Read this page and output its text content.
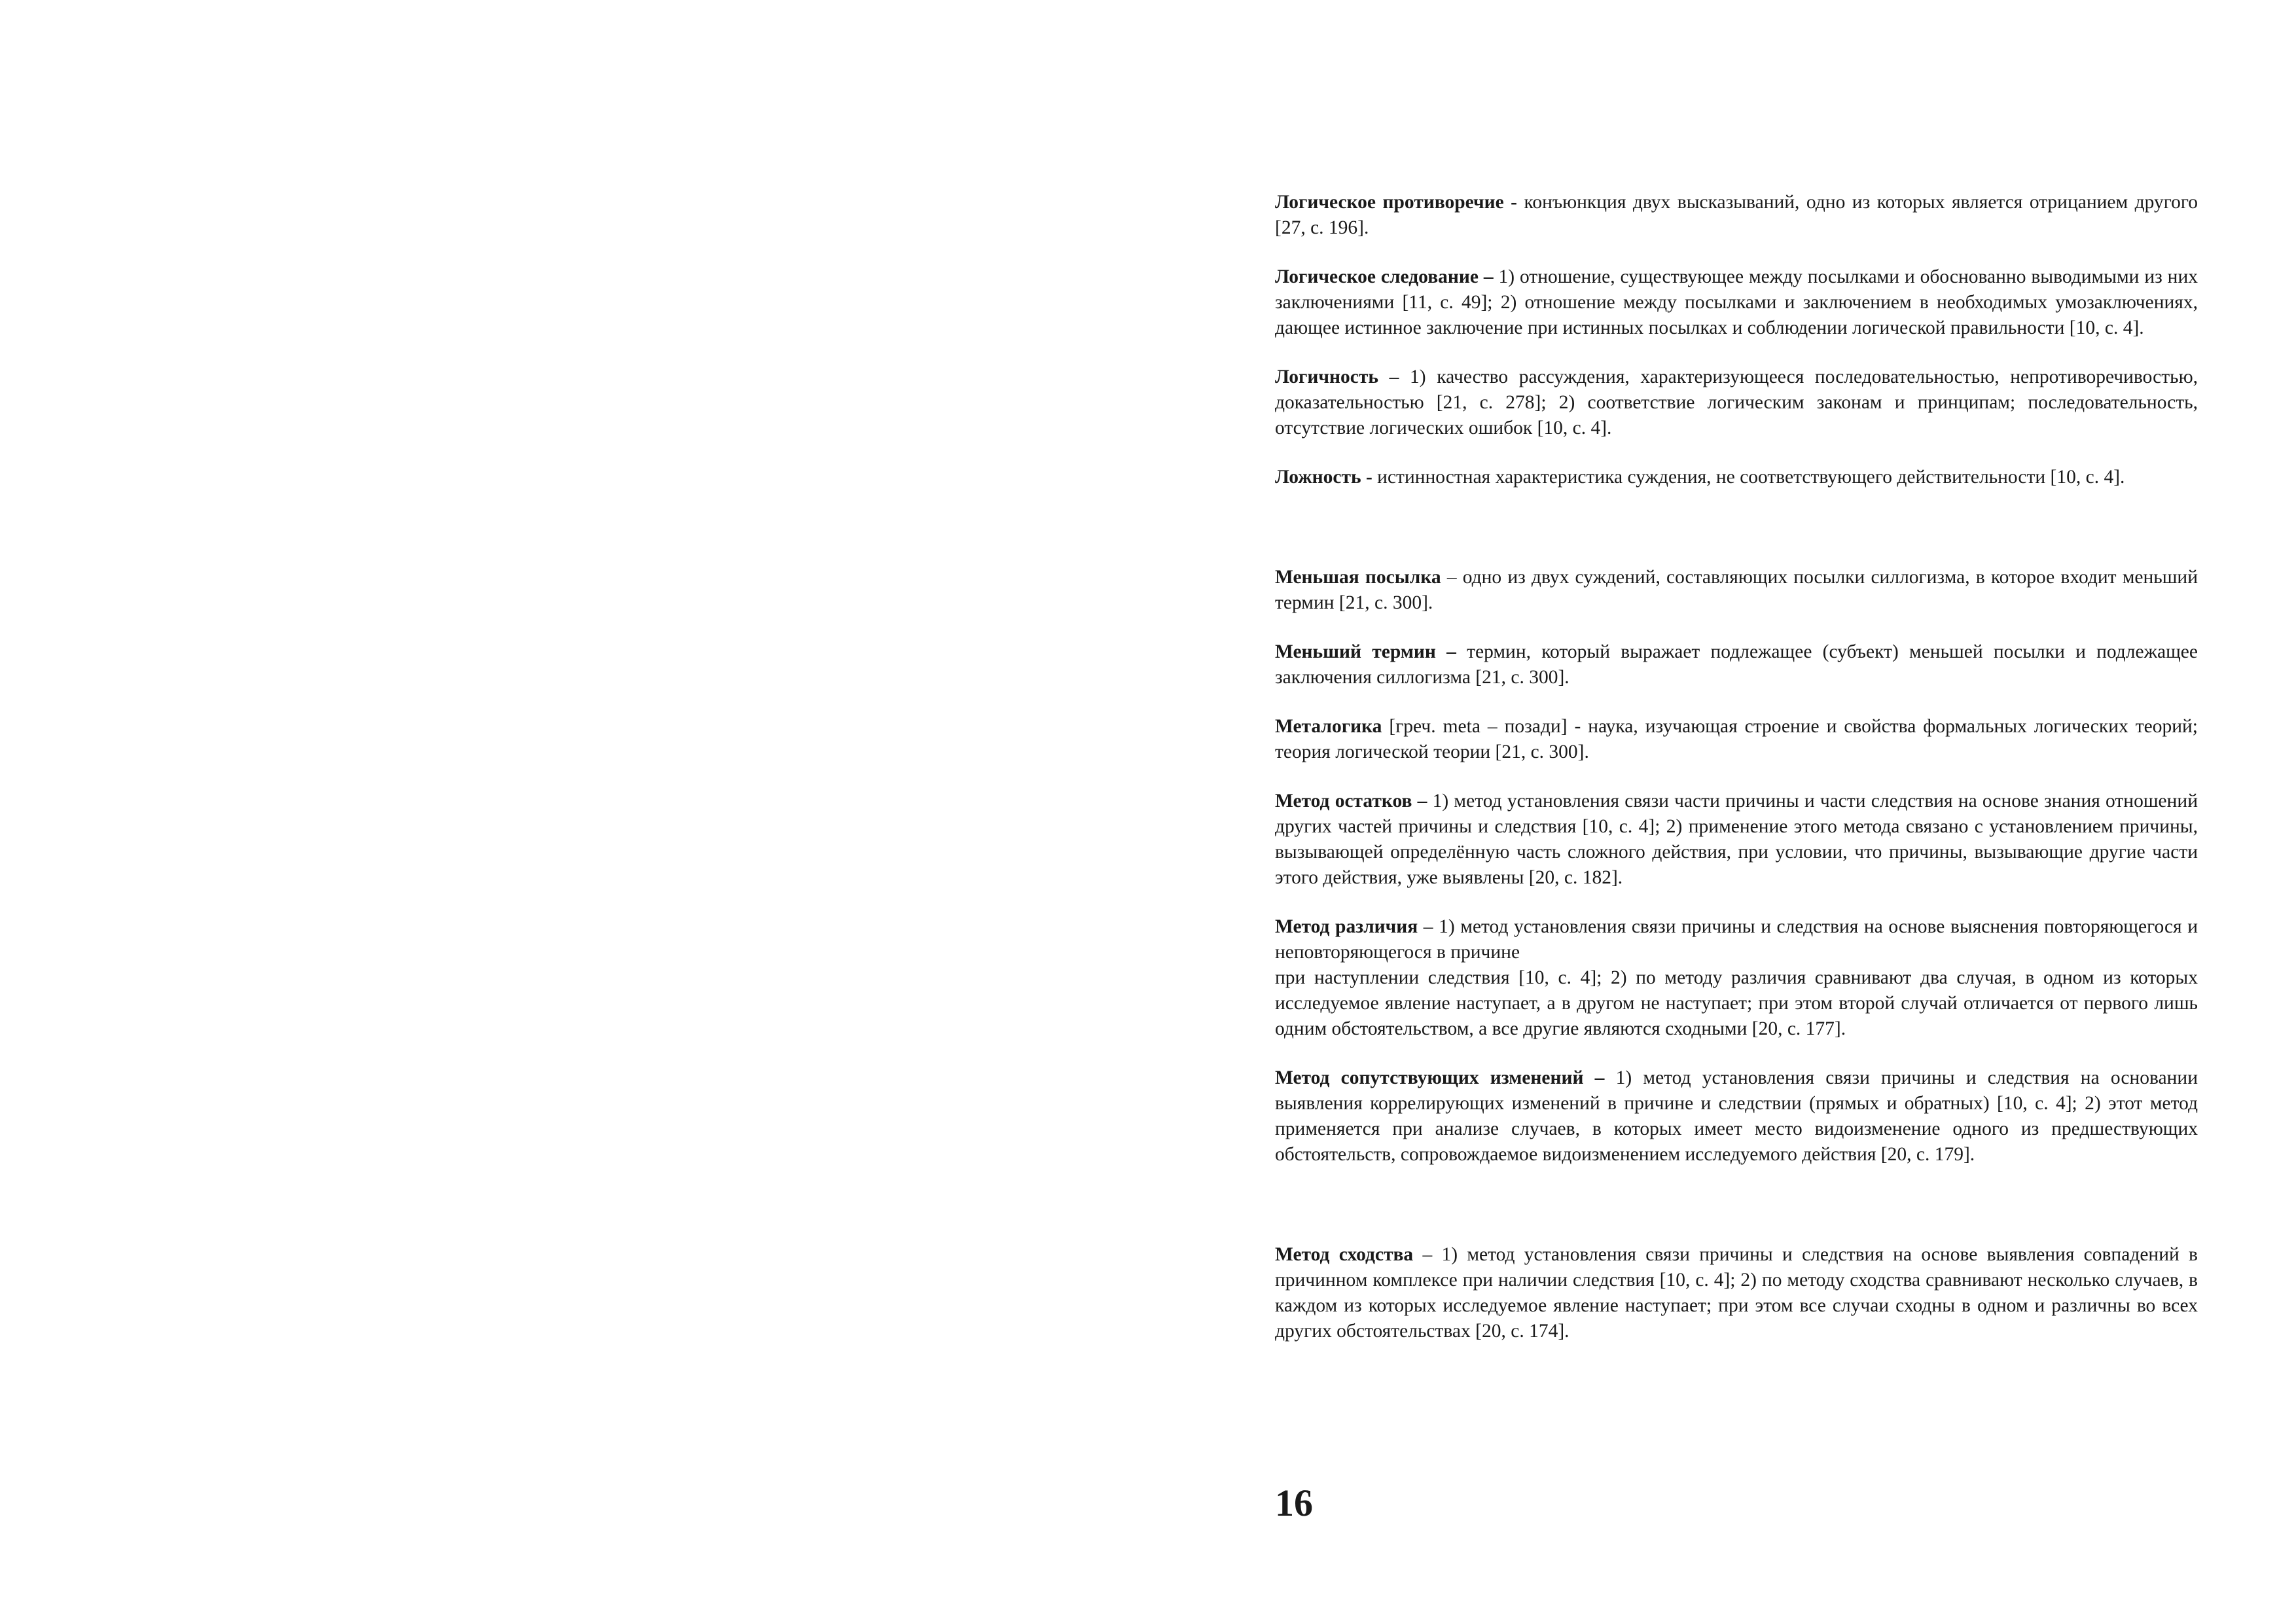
Логическое противоречие - конъюнкция двух высказываний, одно из которых является отрицанием другого [27, с. 196].

Логическое следование – 1) отношение, существующее между посылками и обоснованно выводимыми из них заключениями [11, с. 49]; 2) отношение между посылками и заключением в необходимых умозаключениях, дающее истинное заключение при истинных посылках и соблюдении логической правильности [10, с. 4].

Логичность – 1) качество рассуждения, характеризующееся последовательностью, непротиворечивостью, доказательностью [21, с. 278]; 2) соответствие логическим законам и принципам; последовательность, отсутствие логических ошибок [10, с. 4].

Ложность - истинностная характеристика суждения, не соответствующего действительности [10, с. 4].

Меньшая посылка – одно из двух суждений, составляющих посылки силлогизма, в которое входит меньший термин [21, с. 300].

Меньший термин – термин, который выражает подлежащее (субъект) меньшей посылки и подлежащее заключения силлогизма [21, с. 300].

Металогика [греч. meta – позади] - наука, изучающая строение и свойства формальных логических теорий; теория логической теории [21, с. 300].

Метод остатков – 1) метод установления связи части причины и части следствия на основе знания отношений других частей причины и следствия [10, с. 4]; 2) применение этого метода связано с установлением причины, вызывающей определённую часть сложного действия, при условии, что причины, вызывающие другие части этого действия, уже выявлены [20, с. 182].

Метод различия – 1) метод установления связи причины и следствия на основе выяснения повторяющегося и неповторяющегося в причине
при наступлении следствия [10, с. 4]; 2) по методу различия сравнивают два случая, в одном из которых исследуемое явление наступает, а в другом не наступает; при этом второй случай отличается от первого лишь одним обстоятельством, а все другие являются сходными [20, с. 177].

Метод сопутствующих изменений – 1) метод установления связи причины и следствия на основании выявления коррелирующих изменений в причине и следствии (прямых и обратных) [10, с. 4]; 2) этот метод применяется при анализе случаев, в которых имеет место видоизменение одного из предшествующих обстоятельств, сопровождаемое видоизменением исследуемого действия [20, с. 179].

Метод сходства – 1) метод установления связи причины и следствия на основе выявления совпадений в причинном комплексе при наличии следствия [10, с. 4]; 2) по методу сходства сравнивают несколько случаев, в каждом из которых исследуемое явление наступает; при этом все случаи сходны в одном и различны во всех других обстоятельствах [20, с. 174].

16
